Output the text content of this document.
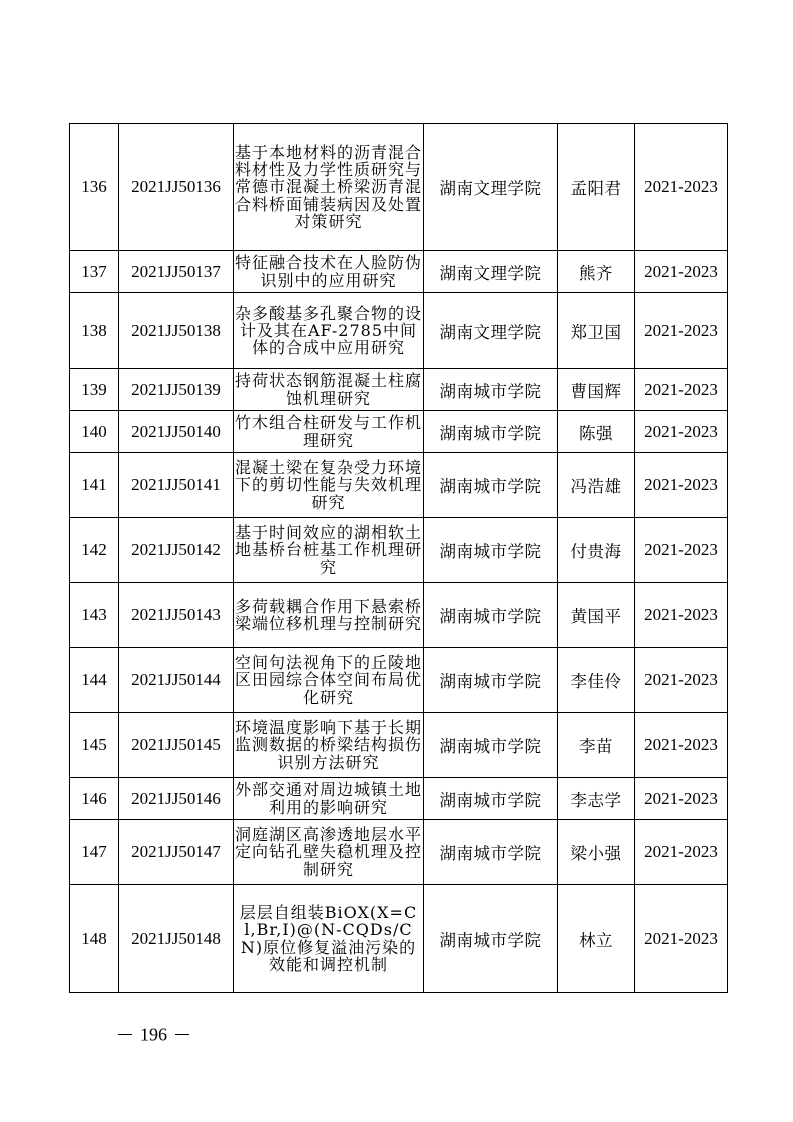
136	2021JJ50136	基于本地材料的沥青混合料材性及力学性质研究与常德市混凝土桥梁沥青混合料桥面铺装病因及处置对策研究	湖南文理学院	孟阳君	2021-2023
137	2021JJ50137	特征融合技术在人脸防伪识别中的应用研究	湖南文理学院	熊齐	2021-2023
138	2021JJ50138	杂多酸基多孔聚合物的设计及其在AF-2785中间体的合成中应用研究	湖南文理学院	郑卫国	2021-2023
139	2021JJ50139	持荷状态钢筋混凝土柱腐蚀机理研究	湖南城市学院	曹国辉	2021-2023
140	2021JJ50140	竹木组合柱研发与工作机理研究	湖南城市学院	陈强	2021-2023
141	2021JJ50141	混凝土梁在复杂受力环境下的剪切性能与失效机理研究	湖南城市学院	冯浩雄	2021-2023
142	2021JJ50142	基于时间效应的湖相软土地基桥台桩基工作机理研究	湖南城市学院	付贵海	2021-2023
143	2021JJ50143	多荷载耦合作用下悬索桥梁端位移机理与控制研究	湖南城市学院	黄国平	2021-2023
144	2021JJ50144	空间句法视角下的丘陵地区田园综合体空间布局优化研究	湖南城市学院	李佳伶	2021-2023
145	2021JJ50145	环境温度影响下基于长期监测数据的桥梁结构损伤识别方法研究	湖南城市学院	李苗	2021-2023
146	2021JJ50146	外部交通对周边城镇土地利用的影响研究	湖南城市学院	李志学	2021-2023
147	2021JJ50147	洞庭湖区高渗透地层水平定向钻孔壁失稳机理及控制研究	湖南城市学院	梁小强	2021-2023
148	2021JJ50148	层层自组装BiOX(X=Cl,Br,I)@(N-CQDs/CN)原位修复溢油污染的效能和调控机制	湖南城市学院	林立	2021-2023
196
